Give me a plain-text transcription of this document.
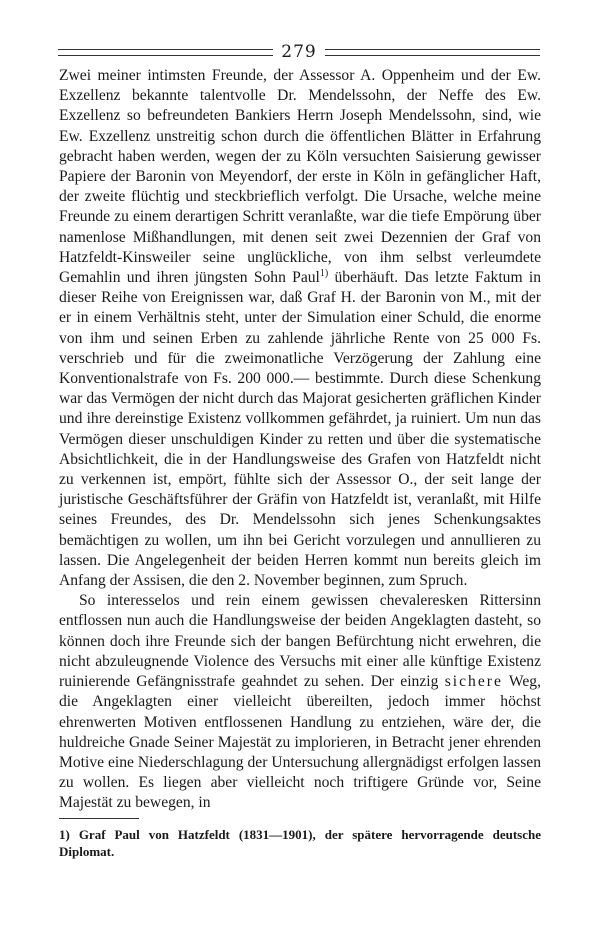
279

Zwei meiner intimsten Freunde, der Assessor A. Oppenheim und der Ew. Exzellenz bekannte talentvolle Dr. Mendelssohn, der Neffe des Ew. Exzellenz so befreundeten Bankiers Herrn Joseph Mendelssohn, sind, wie Ew. Exzellenz unstreitig schon durch die öffentlichen Blätter in Erfahrung gebracht haben werden, wegen der zu Köln versuchten Saisierung gewisser Papiere der Baronin von Meyendorf, der erste in Köln in gefänglicher Haft, der zweite flüchtig und steckbrieflich verfolgt. Die Ursache, welche meine Freunde zu einem derartigen Schritt veranlaßte, war die tiefe Empörung über namenlose Mißhandlungen, mit denen seit zwei Dezennien der Graf von Hatzfeldt-Kinsweiler seine unglückliche, von ihm selbst verleumdete Gemahlin und ihren jüngsten Sohn Paul$^{1)}$ überhäuft. Das letzte Faktum in dieser Reihe von Ereignissen war, daß Graf H. der Baronin von M., mit der er in einem Verhältnis steht, unter der Simulation einer Schuld, die enorme von ihm und seinen Erben zu zahlende jährliche Rente von 25 000 Fs. verschrieb und für die zweimonatliche Verzögerung der Zahlung eine Konventionalstrafe von Fs. 200 000.— bestimmte. Durch diese Schenkung war das Vermögen der nicht durch das Majorat gesicherten gräflichen Kinder und ihre dereinstige Existenz vollkommen gefährdet, ja ruiniert. Um nun das Vermögen dieser unschuldigen Kinder zu retten und über die systematische Absichtlichkeit, die in der Handlungsweise des Grafen von Hatzfeldt nicht zu verkennen ist, empört, fühlte sich der Assessor O., der seit lange der juristische Geschäftsführer der Gräfin von Hatzfeldt ist, veranlaßt, mit Hilfe seines Freundes, des Dr. Mendelssohn sich jenes Schenkungsaktes bemächtigen zu wollen, um ihn bei Gericht vorzulegen und annullieren zu lassen. Die Angelegenheit der beiden Herren kommt nun bereits gleich im Anfang der Assisen, die den 2. November beginnen, zum Spruch.

So interesselos und rein einem gewissen chevaleresken Rittersinn entflossen nun auch die Handlungsweise der beiden Angeklagten dasteht, so können doch ihre Freunde sich der bangen Befürchtung nicht erwehren, die nicht abzuleugnende Violence des Versuchs mit einer alle künftige Existenz ruinierende Gefängnisstrafe geahndet zu sehen. Der einzig sichere Weg, die Angeklagten einer vielleicht übereilten, jedoch immer höchst ehrenwerten Motiven entflossenen Handlung zu entziehen, wäre der, die huldreiche Gnade Seiner Majestät zu implorieren, in Betracht jener ehrenden Motive eine Niederschlagung der Untersuchung allergnädigst erfolgen lassen zu wollen. Es liegen aber vielleicht noch triftigere Gründe vor, Seine Majestät zu bewegen, in

1) Graf Paul von Hatzfeldt (1831—1901), der spätere hervorragende deutsche Diplomat.
